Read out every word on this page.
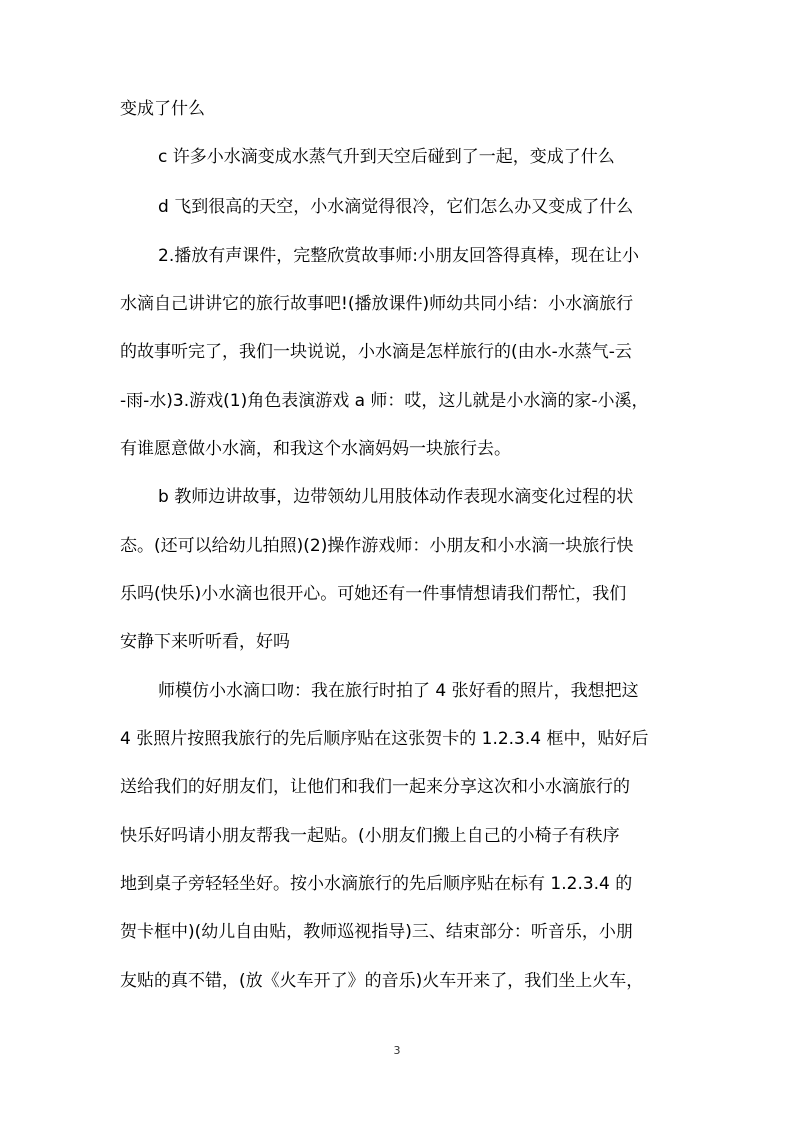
变成了什么
c 许多小水滴变成水蒸气升到天空后碰到了一起，变成了什么
d 飞到很高的天空，小水滴觉得很冷，它们怎么办又变成了什么
2.播放有声课件，完整欣赏故事师:小朋友回答得真棒，现在让小
水滴自己讲讲它的旅行故事吧!(播放课件)师幼共同小结：小水滴旅行
的故事听完了，我们一块说说，小水滴是怎样旅行的(由水-水蒸气-云
-雨-水)3.游戏(1)角色表演游戏 a 师：哎，这儿就是小水滴的家-小溪，
有谁愿意做小水滴，和我这个水滴妈妈一块旅行去。
b 教师边讲故事，边带领幼儿用肢体动作表现水滴变化过程的状
态。(还可以给幼儿拍照)(2)操作游戏师：小朋友和小水滴一块旅行快
乐吗(快乐)小水滴也很开心。可她还有一件事情想请我们帮忙，我们
安静下来听听看，好吗
师模仿小水滴口吻：我在旅行时拍了 4 张好看的照片，我想把这
4 张照片按照我旅行的先后顺序贴在这张贺卡的 1.2.3.4 框中，贴好后
送给我们的好朋友们，让他们和我们一起来分享这次和小水滴旅行的
快乐好吗请小朋友帮我一起贴。(小朋友们搬上自己的小椅子有秩序
地到桌子旁轻轻坐好。按小水滴旅行的先后顺序贴在标有 1.2.3.4 的
贺卡框中)(幼儿自由贴，教师巡视指导)三、结束部分：听音乐，小朋
友贴的真不错，(放《火车开了》的音乐)火车开来了，我们坐上火车，
3
